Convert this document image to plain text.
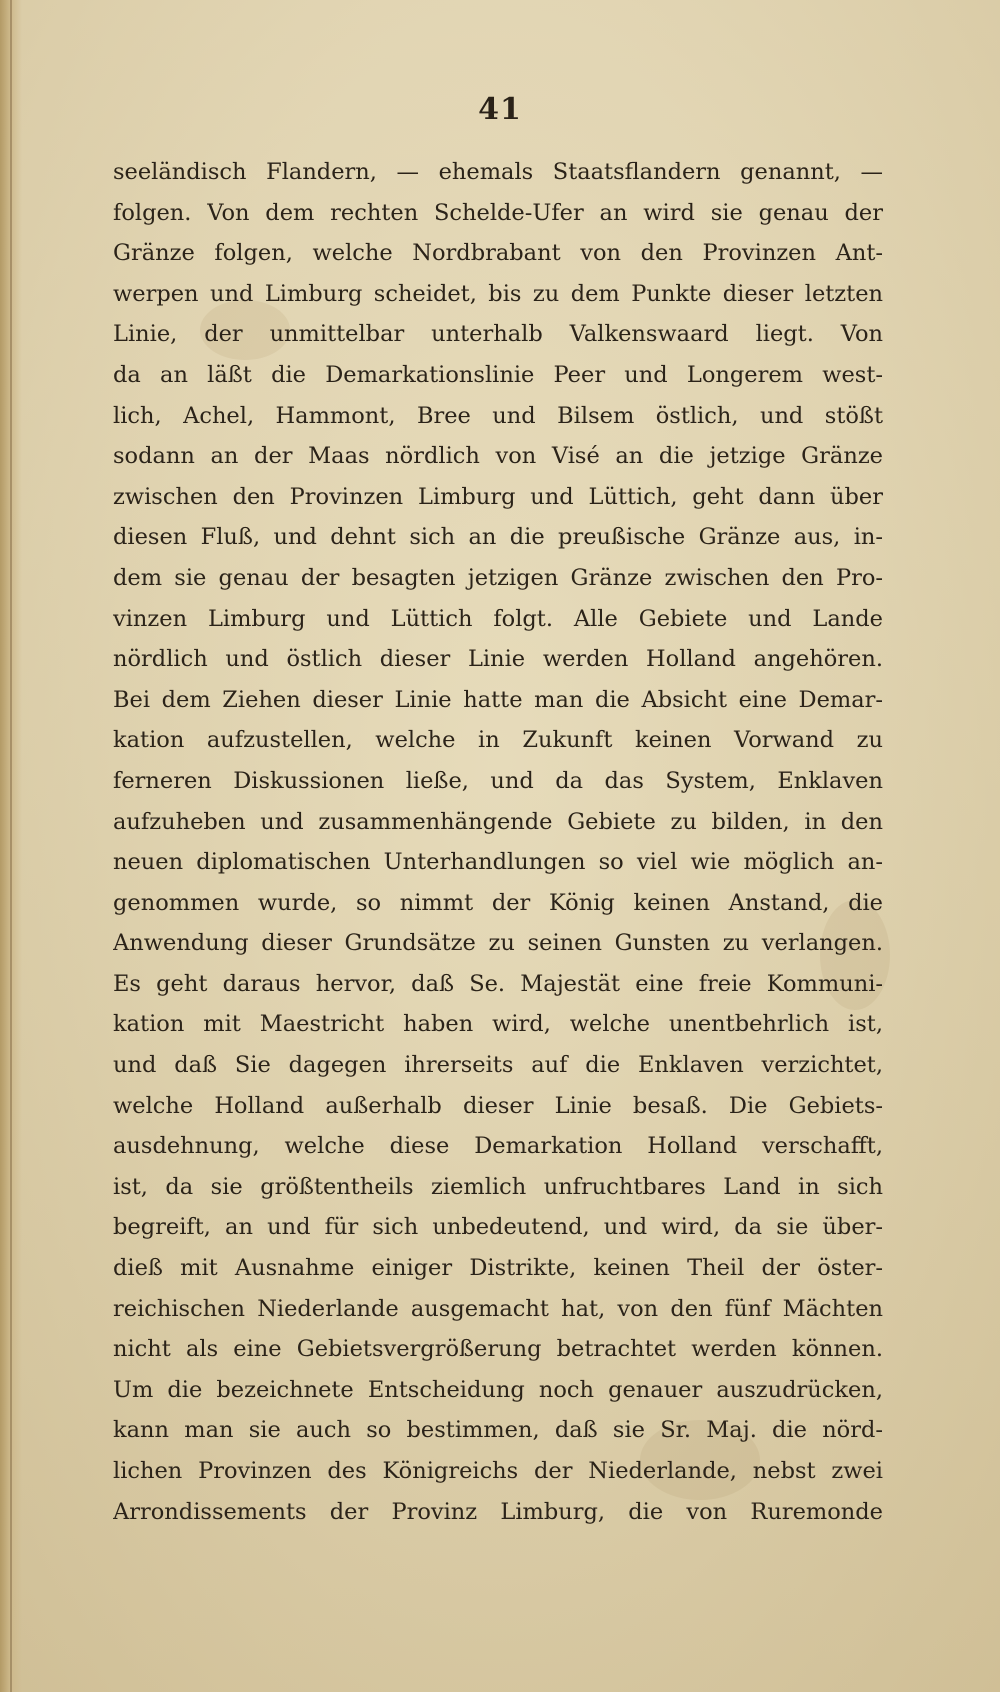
41
seeländisch Flandern, — ehemals Staatsflandern genannt, —
folgen. Von dem rechten Schelde-Ufer an wird sie genau der
Gränze folgen, welche Nordbrabant von den Provinzen Ant-
werpen und Limburg scheidet, bis zu dem Punkte dieser letzten
Linie, der unmittelbar unterhalb Valkenswaard liegt. Von
da an läßt die Demarkationslinie Peer und Longerem west-
lich, Achel, Hammont, Bree und Bilsem östlich, und stößt
sodann an der Maas nördlich von Visé an die jetzige Gränze
zwischen den Provinzen Limburg und Lüttich, geht dann über
diesen Fluß, und dehnt sich an die preußische Gränze aus, in-
dem sie genau der besagten jetzigen Gränze zwischen den Pro-
vinzen Limburg und Lüttich folgt. Alle Gebiete und Lande
nördlich und östlich dieser Linie werden Holland angehören.
Bei dem Ziehen dieser Linie hatte man die Absicht eine Demar-
kation aufzustellen, welche in Zukunft keinen Vorwand zu
ferneren Diskussionen ließe, und da das System, Enklaven
aufzuheben und zusammenhängende Gebiete zu bilden, in den
neuen diplomatischen Unterhandlungen so viel wie möglich an-
genommen wurde, so nimmt der König keinen Anstand, die
Anwendung dieser Grundsätze zu seinen Gunsten zu verlangen.
Es geht daraus hervor, daß Se. Majestät eine freie Kommuni-
kation mit Maestricht haben wird, welche unentbehrlich ist,
und daß Sie dagegen ihrerseits auf die Enklaven verzichtet,
welche Holland außerhalb dieser Linie besaß. Die Gebiets-
ausdehnung, welche diese Demarkation Holland verschafft,
ist, da sie größtentheils ziemlich unfruchtbares Land in sich
begreift, an und für sich unbedeutend, und wird, da sie über-
dieß mit Ausnahme einiger Distrikte, keinen Theil der öster-
reichischen Niederlande ausgemacht hat, von den fünf Mächten
nicht als eine Gebietsvergrößerung betrachtet werden können.
Um die bezeichnete Entscheidung noch genauer auszudrücken,
kann man sie auch so bestimmen, daß sie Sr. Maj. die nörd-
lichen Provinzen des Königreichs der Niederlande, nebst zwei
Arrondissements der Provinz Limburg, die von Ruremonde
